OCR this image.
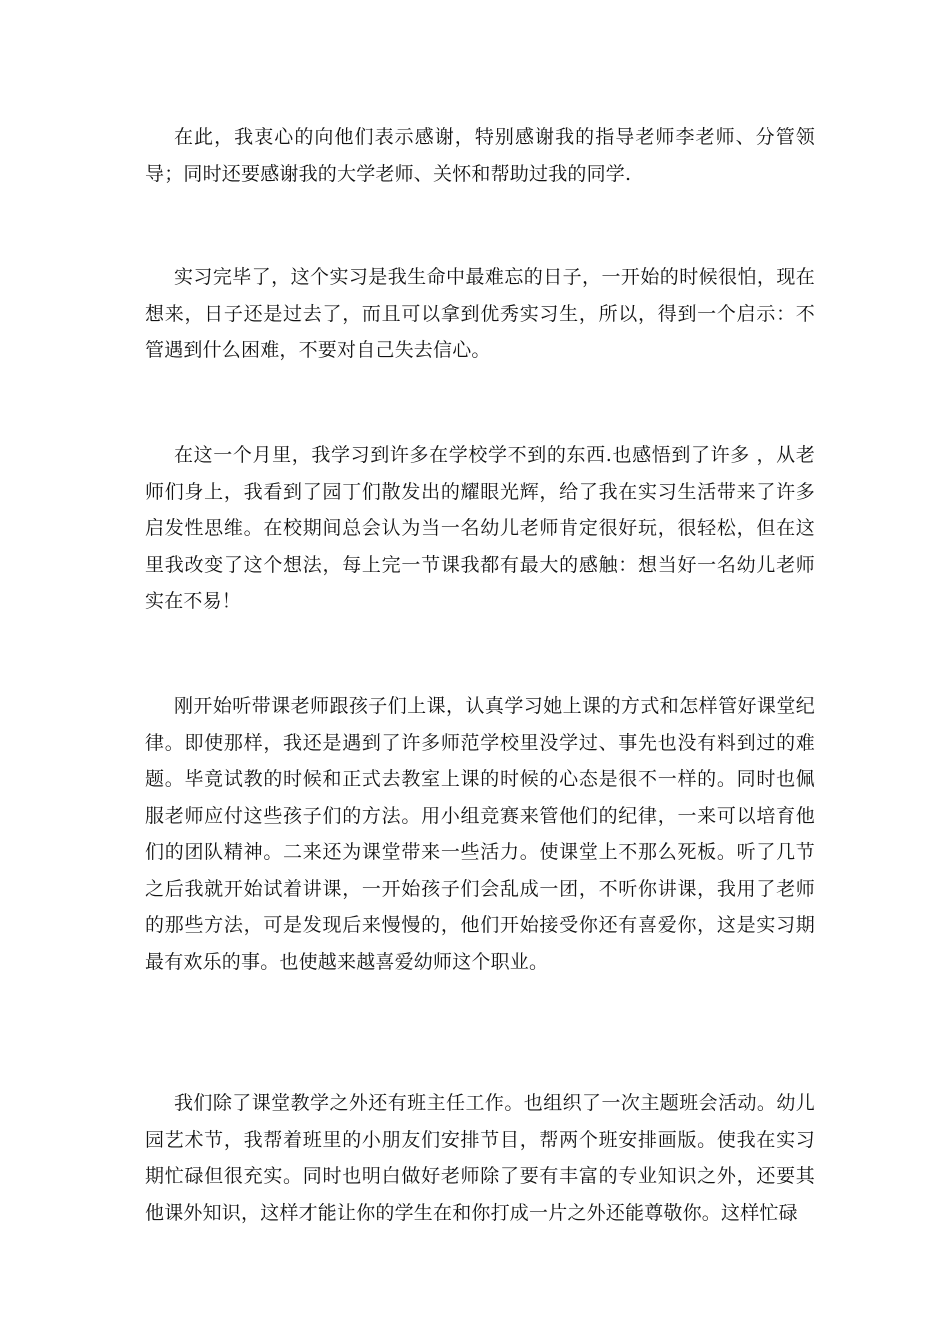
在此，我衷心的向他们表示感谢，特别感谢我的指导老师李老师、分管领导；同时还要感谢我的大学老师、关怀和帮助过我的同学.

实习完毕了，这个实习是我生命中最难忘的日子，一开始的时候很怕，现在想来，日子还是过去了，而且可以拿到优秀实习生，所以，得到一个启示：不管遇到什么困难，不要对自己失去信心。

在这一个月里，我学习到许多在学校学不到的东西.也感悟到了许多 ，从老师们身上，我看到了园丁们散发出的耀眼光辉，给了我在实习生活带来了许多启发性思维。在校期间总会认为当一名幼儿老师肯定很好玩，很轻松，但在这里我改变了这个想法，每上完一节课我都有最大的感触：想当好一名幼儿老师实在不易！

刚开始听带课老师跟孩子们上课，认真学习她上课的方式和怎样管好课堂纪律。即使那样，我还是遇到了许多师范学校里没学过、事先也没有料到过的难题。毕竟试教的时候和正式去教室上课的时候的心态是很不一样的。同时也佩服老师应付这些孩子们的方法。用小组竞赛来管他们的纪律，一来可以培育他们的团队精神。二来还为课堂带来一些活力。使课堂上不那么死板。听了几节之后我就开始试着讲课，一开始孩子们会乱成一团，不听你讲课，我用了老师的那些方法，可是发现后来慢慢的，他们开始接受你还有喜爱你，这是实习期最有欢乐的事。也使越来越喜爱幼师这个职业。

我们除了课堂教学之外还有班主任工作。也组织了一次主题班会活动。幼儿园艺术节，我帮着班里的小朋友们安排节目，帮两个班安排画版。使我在实习期忙碌但很充实。同时也明白做好老师除了要有丰富的专业知识之外，还要其他课外知识，这样才能让你的学生在和你打成一片之外还能尊敬你。这样忙碌
